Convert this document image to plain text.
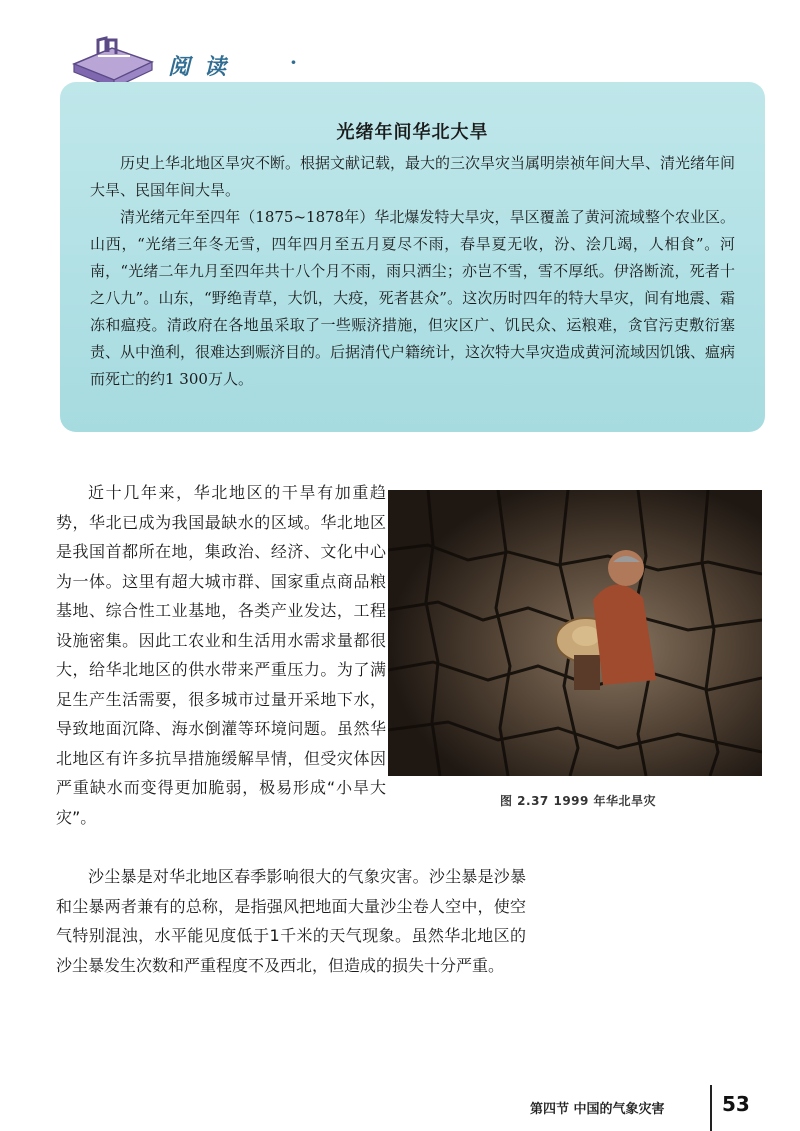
阅读 ·
光绪年间华北大旱

历史上华北地区旱灾不断。根据文献记载，最大的三次旱灾当属明崇祯年间大旱、清光绪年间大旱、民国年间大旱。

清光绪元年至四年（1875~1878年）华北爆发特大旱灾，旱区覆盖了黄河流域整个农业区。山西，“光绪三年冬无雪，四年四月至五月夏尽不雨，春旱夏无收，汾、浍几竭，人相食”。河南，“光绪二年九月至四年共十八个月不雨，雨只洒尘；亦岂不雪，雪不厚纸。伊洛断流，死者十之八九”。山东，“野绝青草，大饥，大疫，死者甚众”。这次历时四年的特大旱灾，间有地震、霜冻和瘟疫。清政府在各地虽采取了一些赈济措施，但灾区广、饥民众、运粮难，贪官污吏敷衍塞责、从中渔利，很难达到赈济目的。后据清代户籍统计，这次特大旱灾造成黄河流域因饥饿、瘟病而死亡的约1 300万人。

近十几年来，华北地区的干旱有加重趋势，华北已成为我国最缺水的区域。华北地区是我国首都所在地，集政治、经济、文化中心为一体。这里有超大城市群、国家重点商品粮基地、综合性工业基地，各类产业发达，工程设施密集。因此工农业和生活用水需求量都很大，给华北地区的供水带来严重压力。为了满足生产生活需要，很多城市过量开采地下水，导致地面沉降、海水倒灌等环境问题。虽然华北地区有许多抗旱措施缓解旱情，但受灾体因严重缺水而变得更加脆弱，极易形成“小旱大灾”。

图 2.37 1999 年华北旱灾

沙尘暴是对华北地区春季影响很大的气象灾害。沙尘暴是沙暴和尘暴两者兼有的总称，是指强风把地面大量沙尘卷人空中，使空气特别混浊，水平能见度低于1千米的天气现象。虽然华北地区的沙尘暴发生次数和严重程度不及西北，但造成的损失十分严重。

第四节 中国的气象灾害	53
